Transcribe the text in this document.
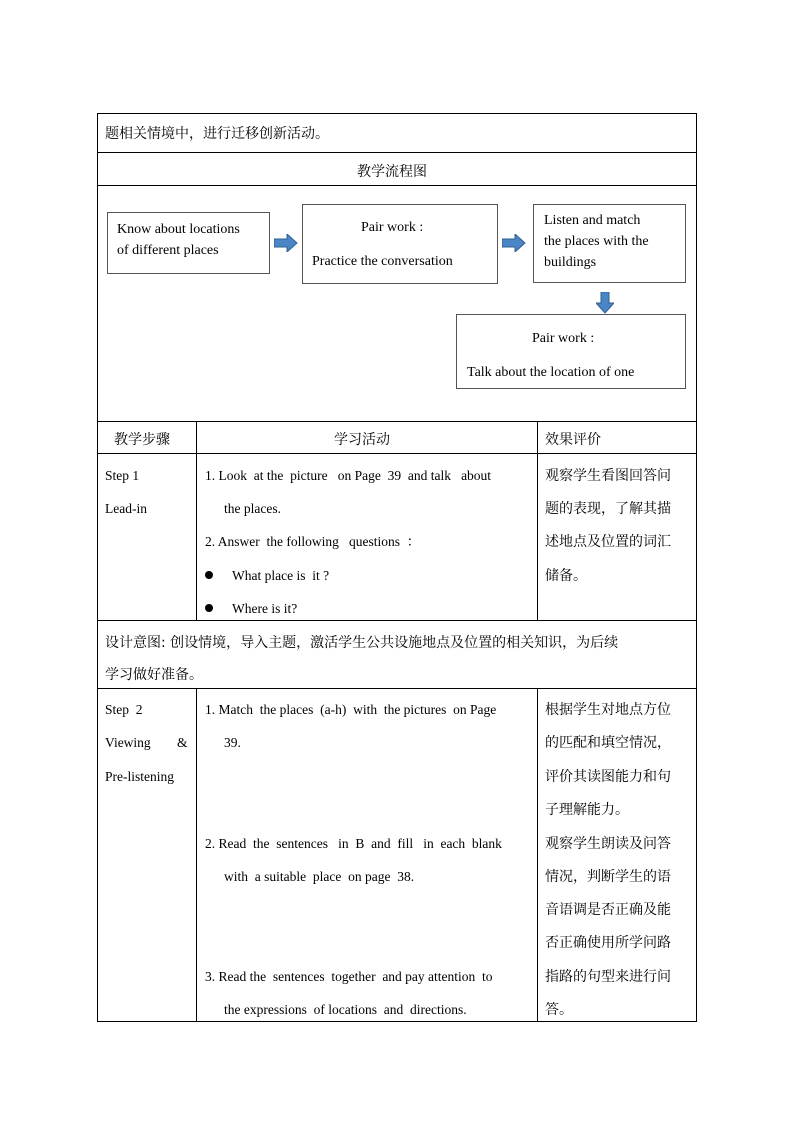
题相关情境中，进行迁移创新活动。
教学流程图
Know about locations
of different places
Pair work :
Practice the conversation
Listen and match
the places with the
buildings
Pair work :
Talk about the location of one
教学步骤	学习活动	效果评价
Step 1
Lead-in
1. Look  at the  picture   on Page  39  and talk   about
the places.
2. Answer  the following   questions  ：
What place is  it ?
Where is it?
观察学生看图回答问
题的表现，了解其描
述地点及位置的词汇
储备。
设计意图: 创设情境，导入主题，激活学生公共设施地点及位置的相关知识，为后续
学习做好准备。
Step  2
Viewing &
Pre-listening
1. Match  the places  (a-h)  with  the pictures  on Page
39.
2. Read  the  sentences   in  B  and  fill   in  each  blank
with  a suitable  place  on page  38.
3. Read the  sentences  together  and pay attention  to
the expressions  of locations  and  directions.
根据学生对地点方位
的匹配和填空情况，
评价其读图能力和句
子理解能力。
观察学生朗读及问答
情况，判断学生的语
音语调是否正确及能
否正确使用所学问路
指路的句型来进行问
答。
